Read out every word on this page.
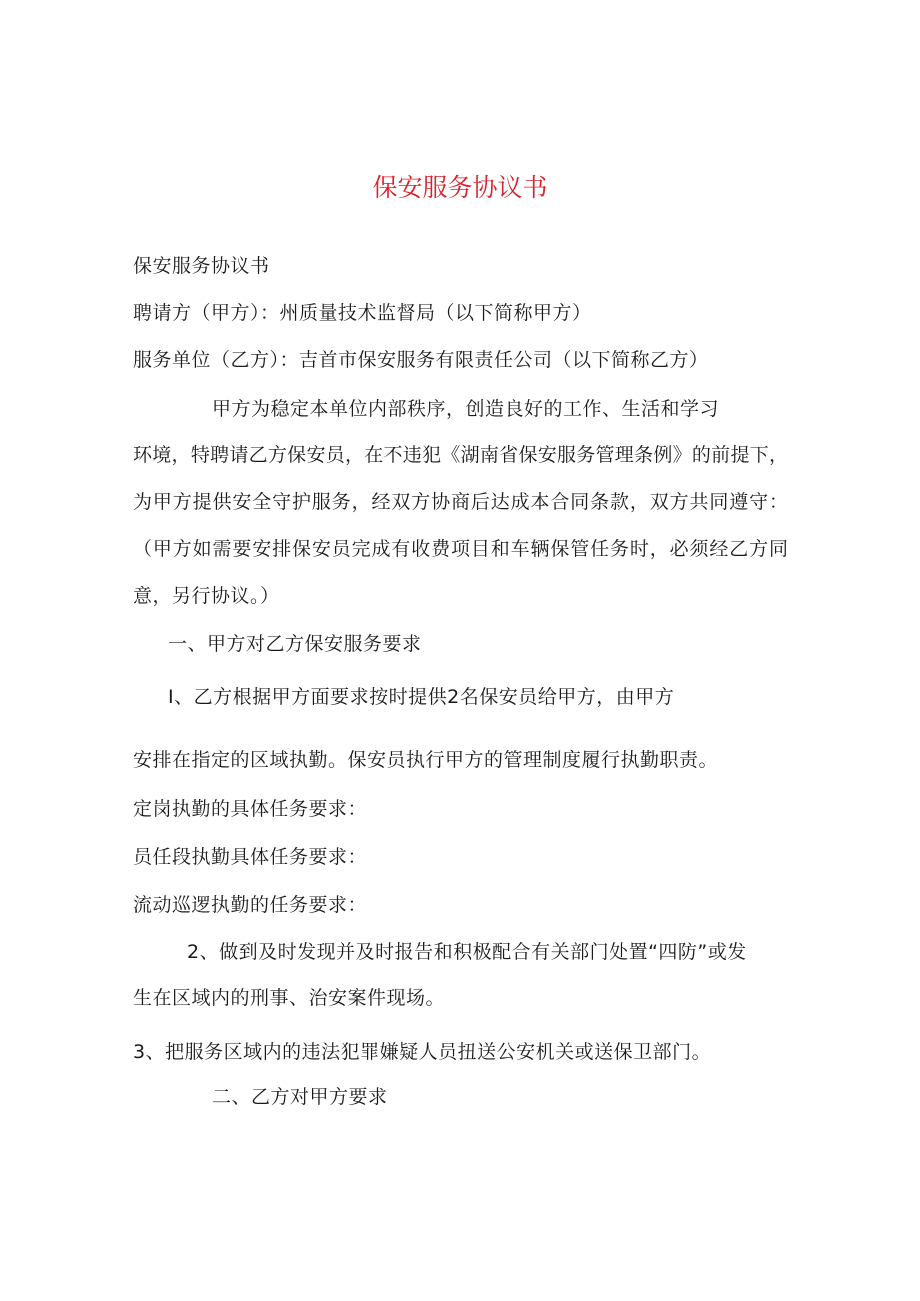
保安服务协议书
保安服务协议书
聘请方（甲方）：州质量技术监督局（以下简称甲方）
服务单位（乙方）：吉首市保安服务有限责任公司（以下简称乙方）
甲方为稳定本单位内部秩序，创造良好的工作、生活和学习
环境，特聘请乙方保安员，在不违犯《湖南省保安服务管理条例》的前提下，
为甲方提供安全守护服务，经双方协商后达成本合同条款，双方共同遵守：
（甲方如需要安排保安员完成有收费项目和车辆保管任务时，必须经乙方同
意，另行协议。）
一、甲方对乙方保安服务要求
I、乙方根据甲方面要求按时提供2名保安员给甲方，由甲方
安排在指定的区域执勤。保安员执行甲方的管理制度履行执勤职责。
定岗执勤的具体任务要求：
员任段执勤具体任务要求：
流动巡逻执勤的任务要求：
2、做到及时发现并及时报告和积极配合有关部门处置“四防”或发
生在区域内的刑事、治安案件现场。
3、把服务区域内的违法犯罪嫌疑人员扭送公安机关或送保卫部门。
二、乙方对甲方要求
